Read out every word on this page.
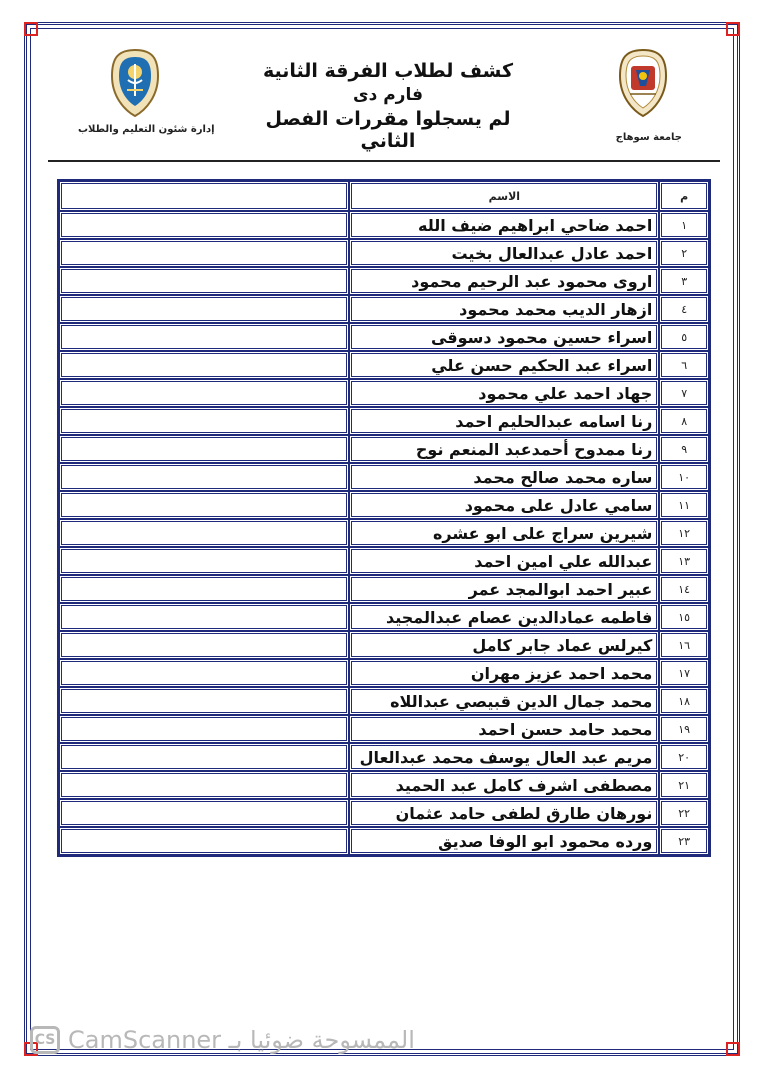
جامعة سوهاج
إدارة شئون التعليم والطلاب
كشف لطلاب الفرقة الثانية
فارم دى
لم يسجلوا مقررات الفصل الثاني
م	الاسم	
١	احمد ضاحي ابراهيم ضيف الله	
٢	احمد عادل عبدالعال بخيت	
٣	اروى محمود عبد الرحيم محمود	
٤	ازهار الديب محمد محمود	
٥	اسراء حسين محمود دسوقى	
٦	اسراء عبد الحكيم حسن علي	
٧	جهاد احمد علي محمود	
٨	رنا اسامه عبدالحليم احمد	
٩	رنا ممدوح أحمدعبد المنعم نوح	
١٠	ساره محمد صالح محمد	
١١	سامي عادل على محمود	
١٢	شيرين سراج على ابو عشره	
١٣	عبدالله علي امين احمد	
١٤	عبير احمد ابوالمجد عمر	
١٥	فاطمه عمادالدين عصام عبدالمجيد	
١٦	كيرلس عماد جابر كامل	
١٧	محمد احمد عزيز مهران	
١٨	محمد جمال الدين قبيصي عبداللاه	
١٩	محمد حامد حسن احمد	
٢٠	مريم عبد العال يوسف محمد عبدالعال	
٢١	مصطفى اشرف كامل عبد الحميد	
٢٢	نورهان طارق لطفى حامد عثمان	
٢٣	ورده محمود ابو الوفا صديق	
الممسوحة ضوئيا بـ CamScanner
CS
